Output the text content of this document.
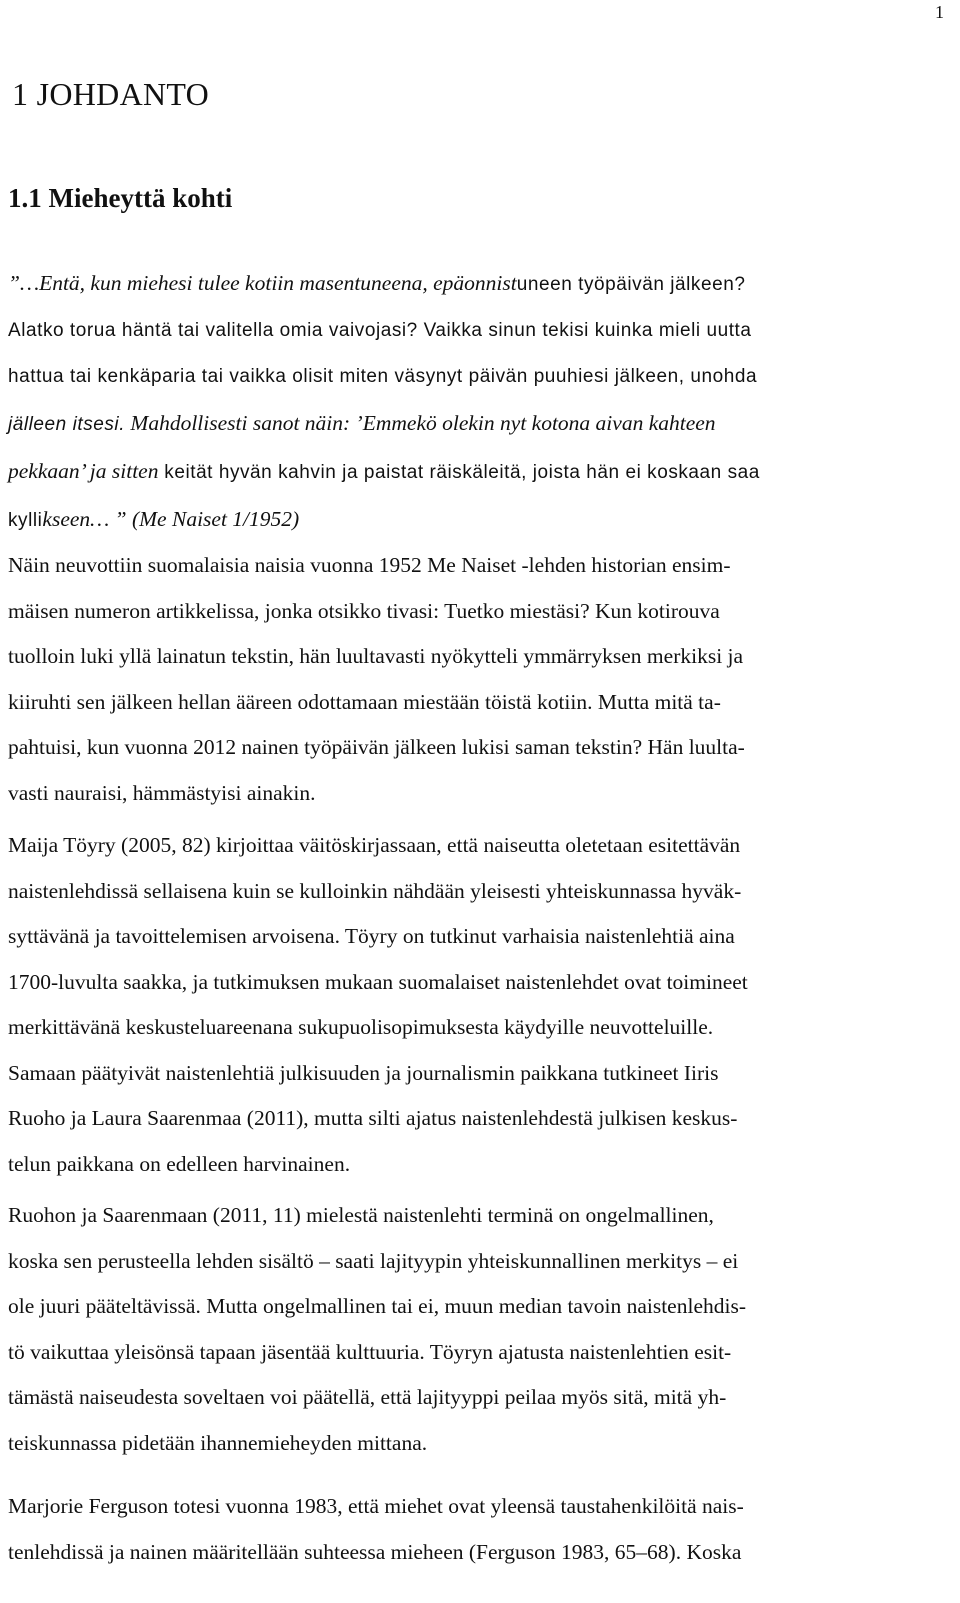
1
1 JOHDANTO
1.1 Mieheyttä kohti
”…Entä, kun miehesi tulee kotiin masentuneena, epäonnistuneen työpäivän jälkeen?
Alatko torua häntä tai valitella omia vaivojasi? Vaikka sinun tekisi kuinka mieli uutta
hattua tai kenkäparia tai vaikka olisit miten väsynyt päivän puuhiesi jälkeen, unohda
jälleen itsesi. Mahdollisesti sanot näin: ’Emmekö olekin nyt kotona aivan kahteen
pekkaan’ ja sitten keität hyvän kahvin ja paistat räiskäleitä, joista hän ei koskaan saa
kyllikseen… ” (Me Naiset 1/1952)
Näin neuvottiin suomalaisia naisia vuonna 1952 Me Naiset -lehden historian ensim-
mäisen numeron artikkelissa, jonka otsikko tivasi: Tuetko miestäsi? Kun kotirouva
tuolloin luki yllä lainatun tekstin, hän luultavasti nyökytteli ymmärryksen merkiksi ja
kiiruhti sen jälkeen hellan ääreen odottamaan miestään töistä kotiin. Mutta mitä ta-
pahtuisi, kun vuonna 2012 nainen työpäivän jälkeen lukisi saman tekstin? Hän luulta-
vasti nauraisi, hämmästyisi ainakin.
Maija Töyry (2005, 82) kirjoittaa väitöskirjassaan, että naiseutta oletetaan esitettävän
naistenlehdissä sellaisena kuin se kulloinkin nähdään yleisesti yhteiskunnassa hyväk-
syttävänä ja tavoittelemisen arvoisena. Töyry on tutkinut varhaisia naistenlehtiä aina
1700-luvulta saakka, ja tutkimuksen mukaan suomalaiset naistenlehdet ovat toimineet
merkittävänä keskusteluareenana sukupuolisopimuksesta käydyille neuvotteluille.
Samaan päätyivät naistenlehtiä julkisuuden ja journalismin paikkana tutkineet Iiris
Ruoho ja Laura Saarenmaa (2011), mutta silti ajatus naistenlehdestä julkisen keskus-
telun paikkana on edelleen harvinainen.
Ruohon ja Saarenmaan (2011, 11) mielestä naistenlehti terminä on ongelmallinen,
koska sen perusteella lehden sisältö – saati lajityypin yhteiskunnallinen merkitys – ei
ole juuri pääteltävissä. Mutta ongelmallinen tai ei, muun median tavoin naistenlehdis-
tö vaikuttaa yleisönsä tapaan jäsentää kulttuuria. Töyryn ajatusta naistenlehtien esit-
tämästä naiseudesta soveltaen voi päätellä, että lajityyppi peilaa myös sitä, mitä yh-
teiskunnassa pidetään ihannemieheyden mittana.
Marjorie Ferguson totesi vuonna 1983, että miehet ovat yleensä taustahenkilöitä nais-
tenlehdissä ja nainen määritellään suhteessa mieheen (Ferguson 1983, 65–68). Koska
